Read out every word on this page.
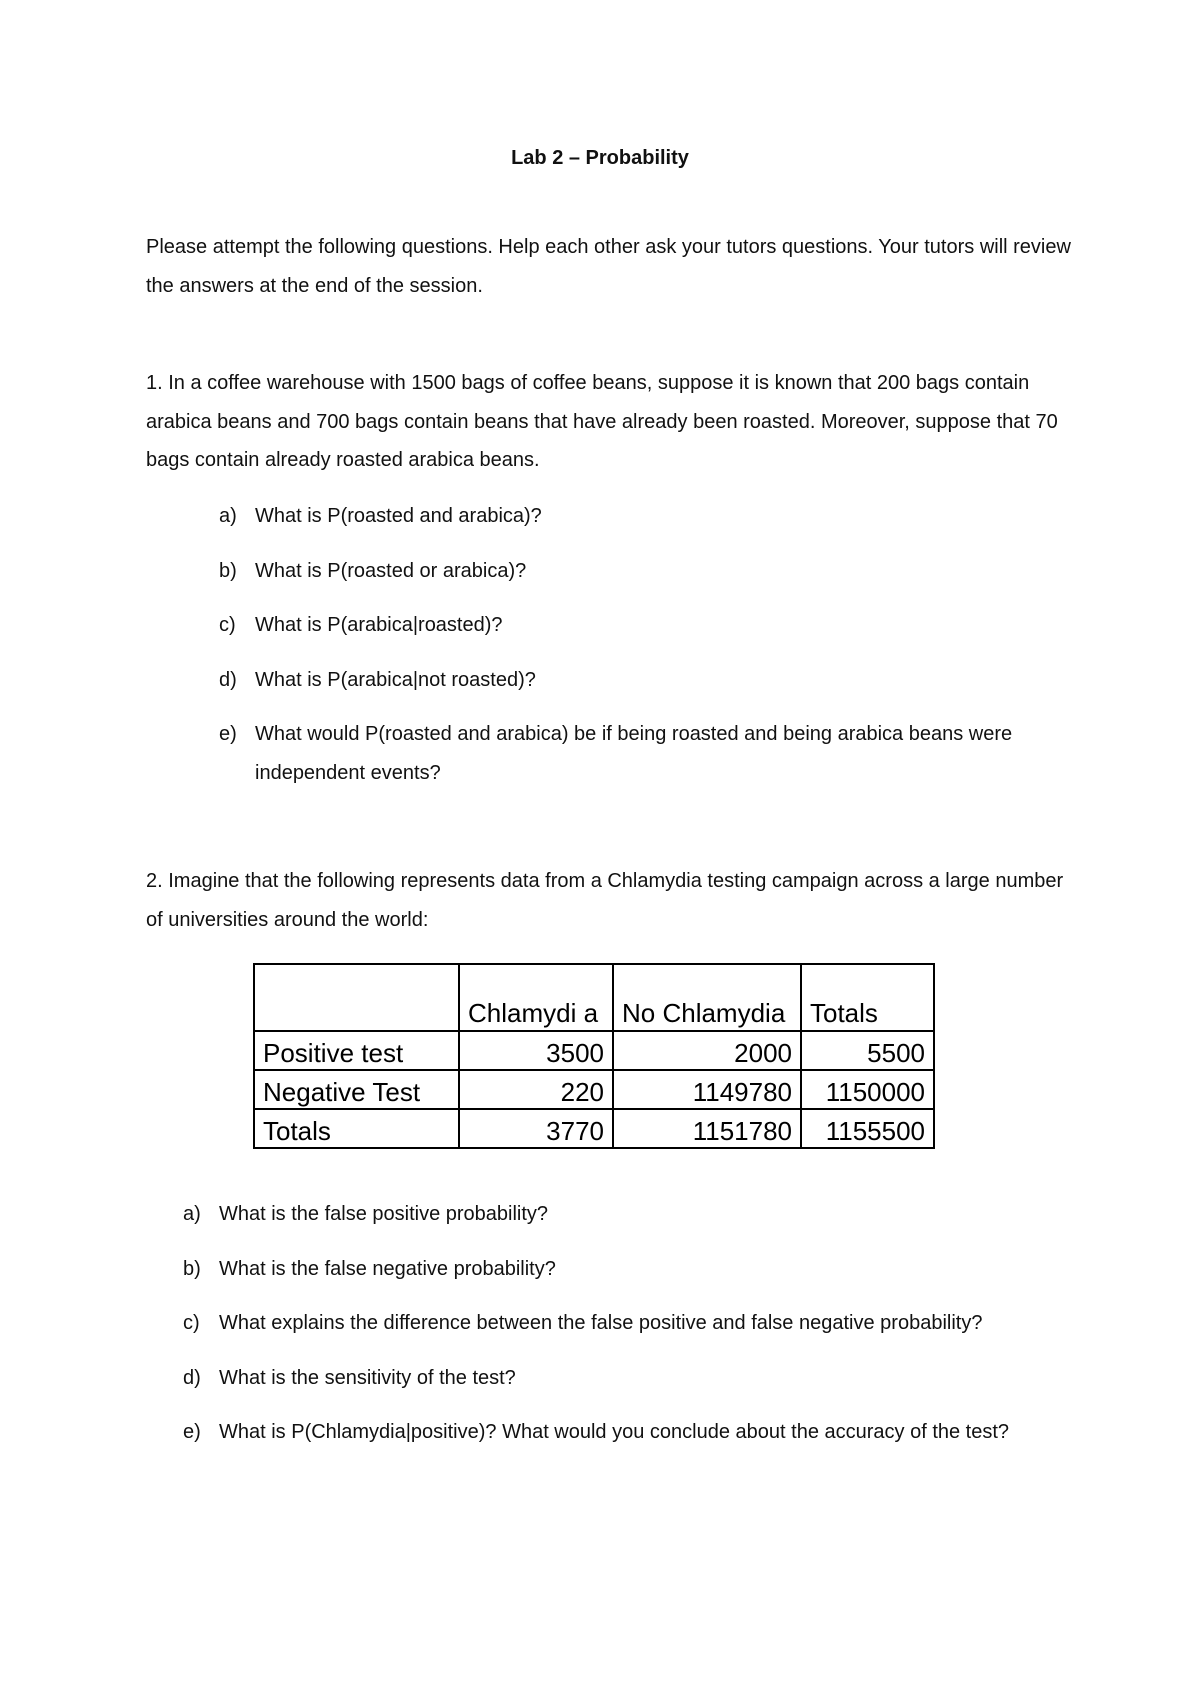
Lab 2 – Probability

Please attempt the following questions. Help each other ask your tutors questions. Your tutors will review the answers at the end of the session.

1. In a coffee warehouse with 1500 bags of coffee beans, suppose it is known that 200 bags contain arabica beans and 700 bags contain beans that have already been roasted. Moreover, suppose that 70 bags contain already roasted arabica beans.

a) What is P(roasted and arabica)?
b) What is P(roasted or arabica)?
c) What is P(arabica|roasted)?
d) What is P(arabica|not roasted)?
e) What would P(roasted and arabica) be if being roasted and being arabica beans were independent events?

2. Imagine that the following represents data from a Chlamydia testing campaign across a large number of universities around the world:

	Chlamydi a	No Chlamydia	Totals
Positive test	3500	2000	5500
Negative Test	220	1149780	1150000
Totals	3770	1151780	1155500
a) What is the false positive probability?
b) What is the false negative probability?
c) What explains the difference between the false positive and false negative probability?
d) What is the sensitivity of the test?
e) What is P(Chlamydia|positive)? What would you conclude about the accuracy of the test?
